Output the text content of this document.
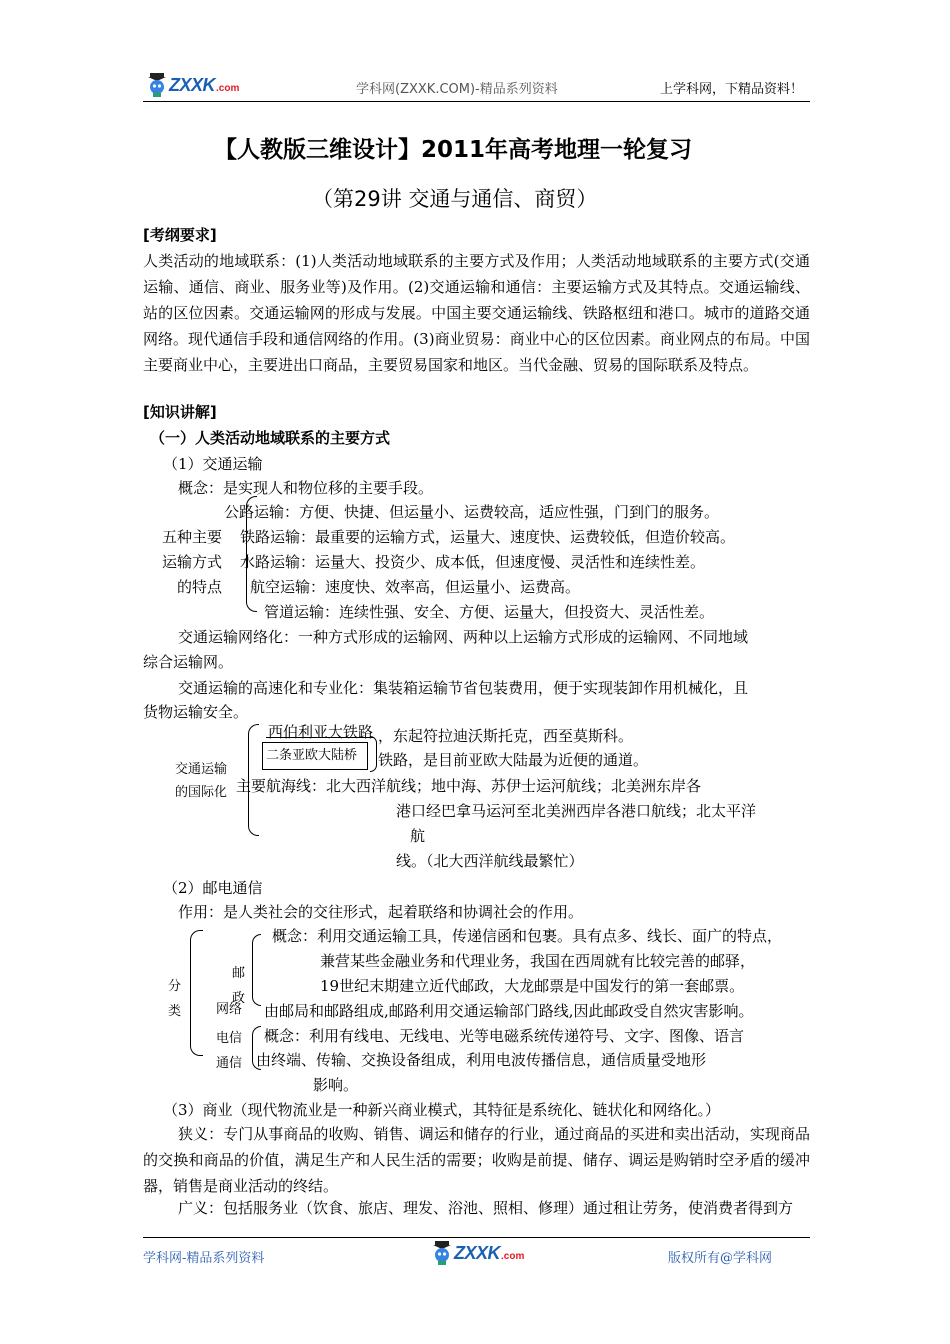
ZXXK .com	学科网(ZXXK.COM)-精品系列资料	上学科网，下精品资料！
【人教版三维设计】2011年高考地理一轮复习
（第29讲 交通与通信、商贸）
[考纲要求]
人类活动的地域联系：(1)人类活动地域联系的主要方式及作用；人类活动地域联系的主要方式(交通运输、通信、商业、服务业等)及作用。(2)交通运输和通信：主要运输方式及其特点。交通运输线、站的区位因素。交通运输网的形成与发展。中国主要交通运输线、铁路枢纽和港口。城市的道路交通网络。现代通信手段和通信网络的作用。(3)商业贸易：商业中心的区位因素。商业网点的布局。中国主要商业中心，主要进出口商品，主要贸易国家和地区。当代金融、贸易的国际联系及特点。
[知识讲解]
（一）人类活动地域联系的主要方式
（1）交通运输
概念：是实现人和物位移的主要手段。
五种主要
运输方式
的特点
公路运输：方便、快捷、但运量小、运费较高，适应性强，门到门的服务。
铁路运输：最重要的运输方式，运量大、速度快、运费较低，但造价较高。
水路运输：运量大、投资少、成本低，但速度慢、灵活性和连续性差。
航空运输：速度快、效率高，但运量小、运费高。
管道运输：连续性强、安全、方便、运量大，但投资大、灵活性差。
交通运输网络化：一种方式形成的运输网、两种以上运输方式形成的运输网、不同地域
综合运输网。
交通运输的高速化和专业化：集装箱运输节省包装费用，便于实现装卸作用机械化，且
货物运输安全。
交通运输
的国际化
西伯利亚大铁路 ，东起符拉迪沃斯托克，西至莫斯科。
二条亚欧大陆桥 铁路，是目前亚欧大陆最为近便的通道。
主要航海线：北大西洋航线；地中海、苏伊士运河航线；北美洲东岸各
港口经巴拿马运河至北美洲西岸各港口航线；北太平洋
航
线。（北大西洋航线最繁忙）
（2）邮电通信
作用：是人类社会的交往形式，起着联络和协调社会的作用。
分
类
邮
政
网络
概念：利用交通运输工具，传递信函和包裹。具有点多、线长、面广的特点，
兼营某些金融业务和代理业务，我国在西周就有比较完善的邮驿，
19世纪末期建立近代邮政，大龙邮票是中国发行的第一套邮票。
由邮局和邮路组成,邮路利用交通运输部门路线,因此邮政受自然灾害影响。
电信
通信
概念：利用有线电、无线电、光等电磁系统传递符号、文字、图像、语言
由终端、传输、交换设备组成，利用电波传播信息，通信质量受地形
影响。
（3）商业（现代物流业是一种新兴商业模式，其特征是系统化、链状化和网络化。）
狭义：专门从事商品的收购、销售、调运和储存的行业，通过商品的买进和卖出活动，实现商品的交换和商品的价值，满足生产和人民生活的需要；收购是前提、储存、调运是购销时空矛盾的缓冲器，销售是商业活动的终结。
广义：包括服务业（饮食、旅店、理发、浴池、照相、修理）通过租让劳务，使消费者得到方
学科网-精品系列资料	ZXXK .com	版权所有@学科网
